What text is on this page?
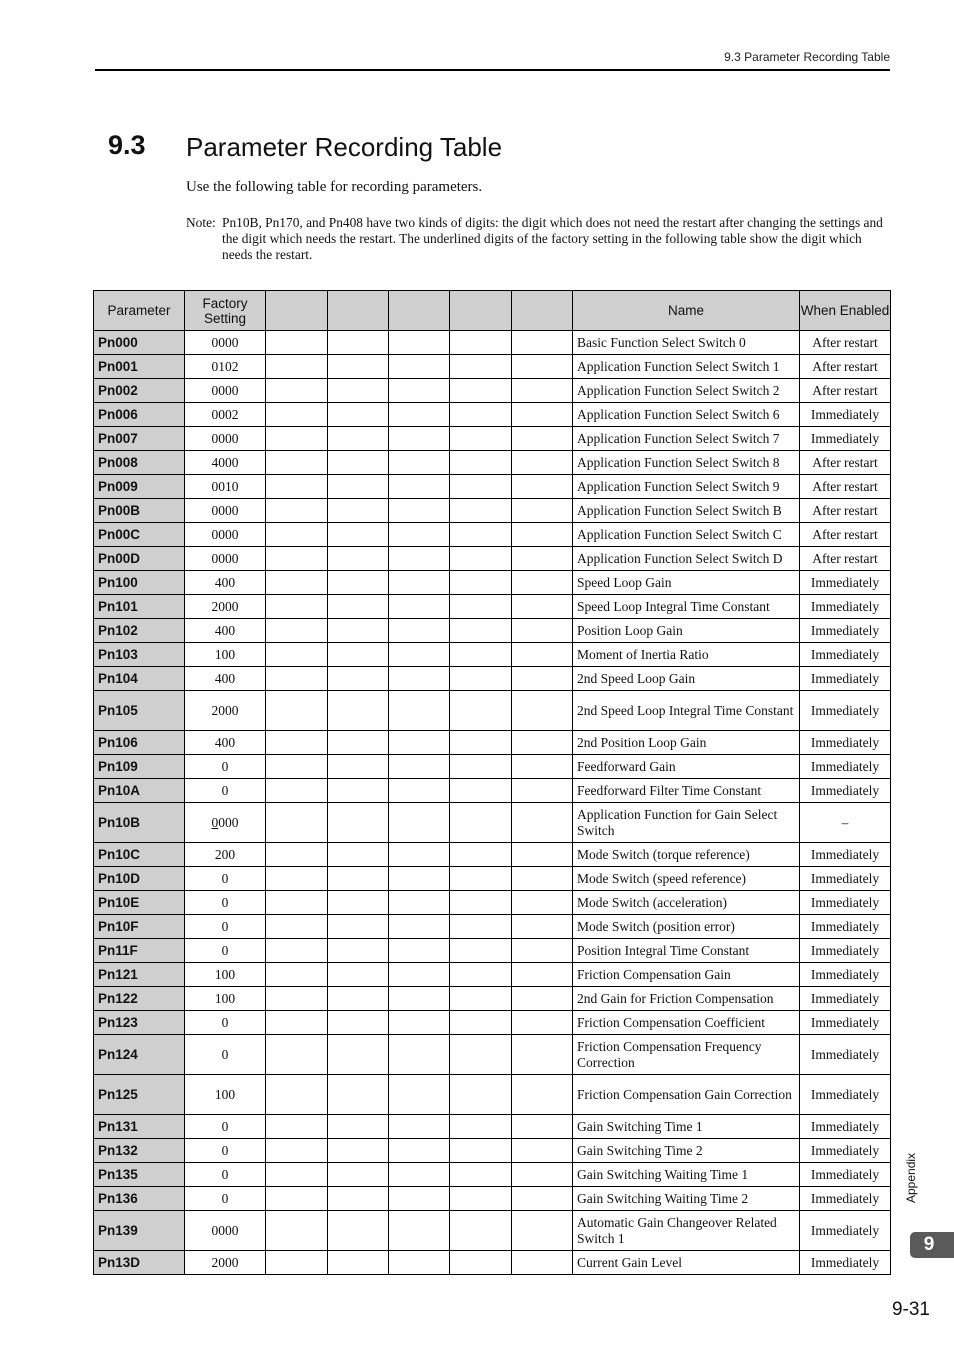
9.3 Parameter Recording Table
9.3 Parameter Recording Table
Use the following table for recording parameters.
Note: Pn10B, Pn170, and Pn408 have two kinds of digits: the digit which does not need the restart after changing the settings and the digit which needs the restart. The underlined digits of the factory setting in the following table show the digit which needs the restart.
Parameter	Factory Setting						Name	When Enabled
Pn000	0000						Basic Function Select Switch 0	After restart
Pn001	0102						Application Function Select Switch 1	After restart
Pn002	0000						Application Function Select Switch 2	After restart
Pn006	0002						Application Function Select Switch 6	Immediately
Pn007	0000						Application Function Select Switch 7	Immediately
Pn008	4000						Application Function Select Switch 8	After restart
Pn009	0010						Application Function Select Switch 9	After restart
Pn00B	0000						Application Function Select Switch B	After restart
Pn00C	0000						Application Function Select Switch C	After restart
Pn00D	0000						Application Function Select Switch D	After restart
Pn100	400						Speed Loop Gain	Immediately
Pn101	2000						Speed Loop Integral Time Constant	Immediately
Pn102	400						Position Loop Gain	Immediately
Pn103	100						Moment of Inertia Ratio	Immediately
Pn104	400						2nd Speed Loop Gain	Immediately
Pn105	2000						2nd Speed Loop Integral Time Constant	Immediately
Pn106	400						2nd Position Loop Gain	Immediately
Pn109	0						Feedforward Gain	Immediately
Pn10A	0						Feedforward Filter Time Constant	Immediately
Pn10B	0000						Application Function for Gain Select Switch	–
Pn10C	200						Mode Switch (torque reference)	Immediately
Pn10D	0						Mode Switch (speed reference)	Immediately
Pn10E	0						Mode Switch (acceleration)	Immediately
Pn10F	0						Mode Switch (position error)	Immediately
Pn11F	0						Position Integral Time Constant	Immediately
Pn121	100						Friction Compensation Gain	Immediately
Pn122	100						2nd Gain for Friction Compensation	Immediately
Pn123	0						Friction Compensation Coefficient	Immediately
Pn124	0						Friction Compensation Frequency Correction	Immediately
Pn125	100						Friction Compensation Gain Correction	Immediately
Pn131	0						Gain Switching Time 1	Immediately
Pn132	0						Gain Switching Time 2	Immediately
Pn135	0						Gain Switching Waiting Time 1	Immediately
Pn136	0						Gain Switching Waiting Time 2	Immediately
Pn139	0000						Automatic Gain Changeover Related Switch 1	Immediately
Pn13D	2000						Current Gain Level	Immediately
Appendix
9
9-31
